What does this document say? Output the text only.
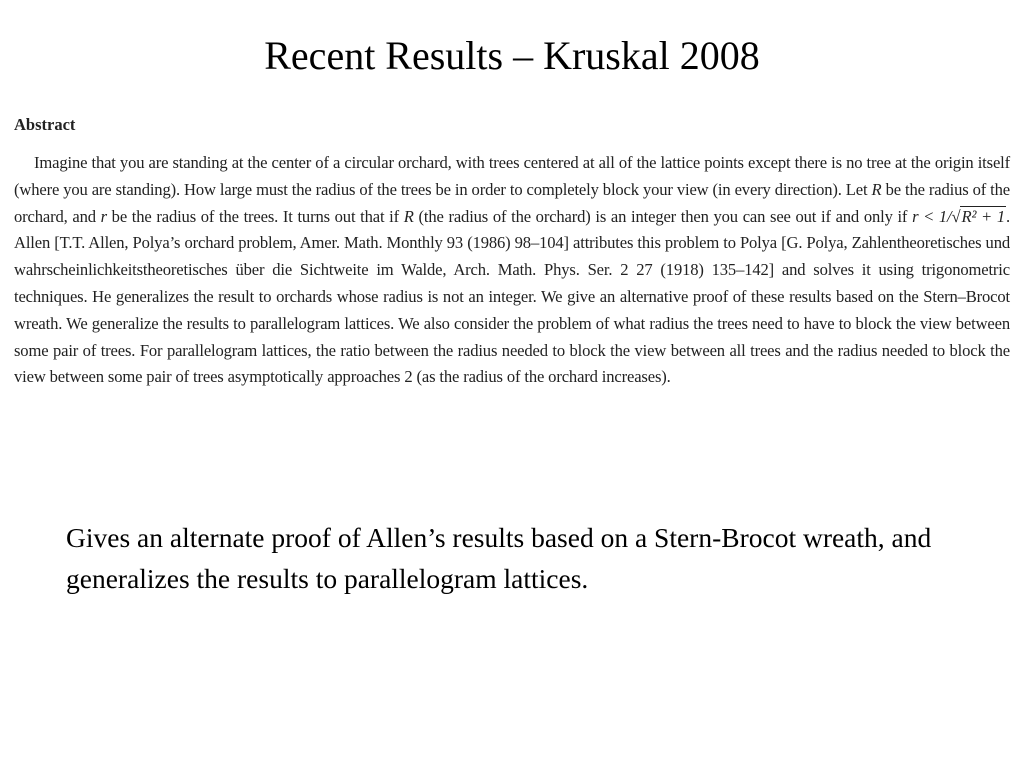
Recent Results – Kruskal 2008

Abstract

Imagine that you are standing at the center of a circular orchard, with trees centered at all of the lattice points except there is no tree at the origin itself (where you are standing). How large must the radius of the trees be in order to completely block your view (in every direction). Let R be the radius of the orchard, and r be the radius of the trees. It turns out that if R (the radius of the orchard) is an integer then you can see out if and only if r < 1/√R² + 1. Allen [T.T. Allen, Polya’s orchard problem, Amer. Math. Monthly 93 (1986) 98–104] attributes this problem to Polya [G. Polya, Zahlentheoretisches und wahrscheinlichkeitstheoretisches über die Sichtweite im Walde, Arch. Math. Phys. Ser. 2 27 (1918) 135–142] and solves it using trigonometric techniques. He generalizes the result to orchards whose radius is not an integer. We give an alternative proof of these results based on the Stern–Brocot wreath. We generalize the results to parallelogram lattices. We also consider the problem of what radius the trees need to have to block the view between some pair of trees. For parallelogram lattices, the ratio between the radius needed to block the view between all trees and the radius needed to block the view between some pair of trees asymptotically approaches 2 (as the radius of the orchard increases).

Gives an alternate proof of Allen’s results based on a Stern-Brocot wreath, and generalizes the results to parallelogram lattices.
